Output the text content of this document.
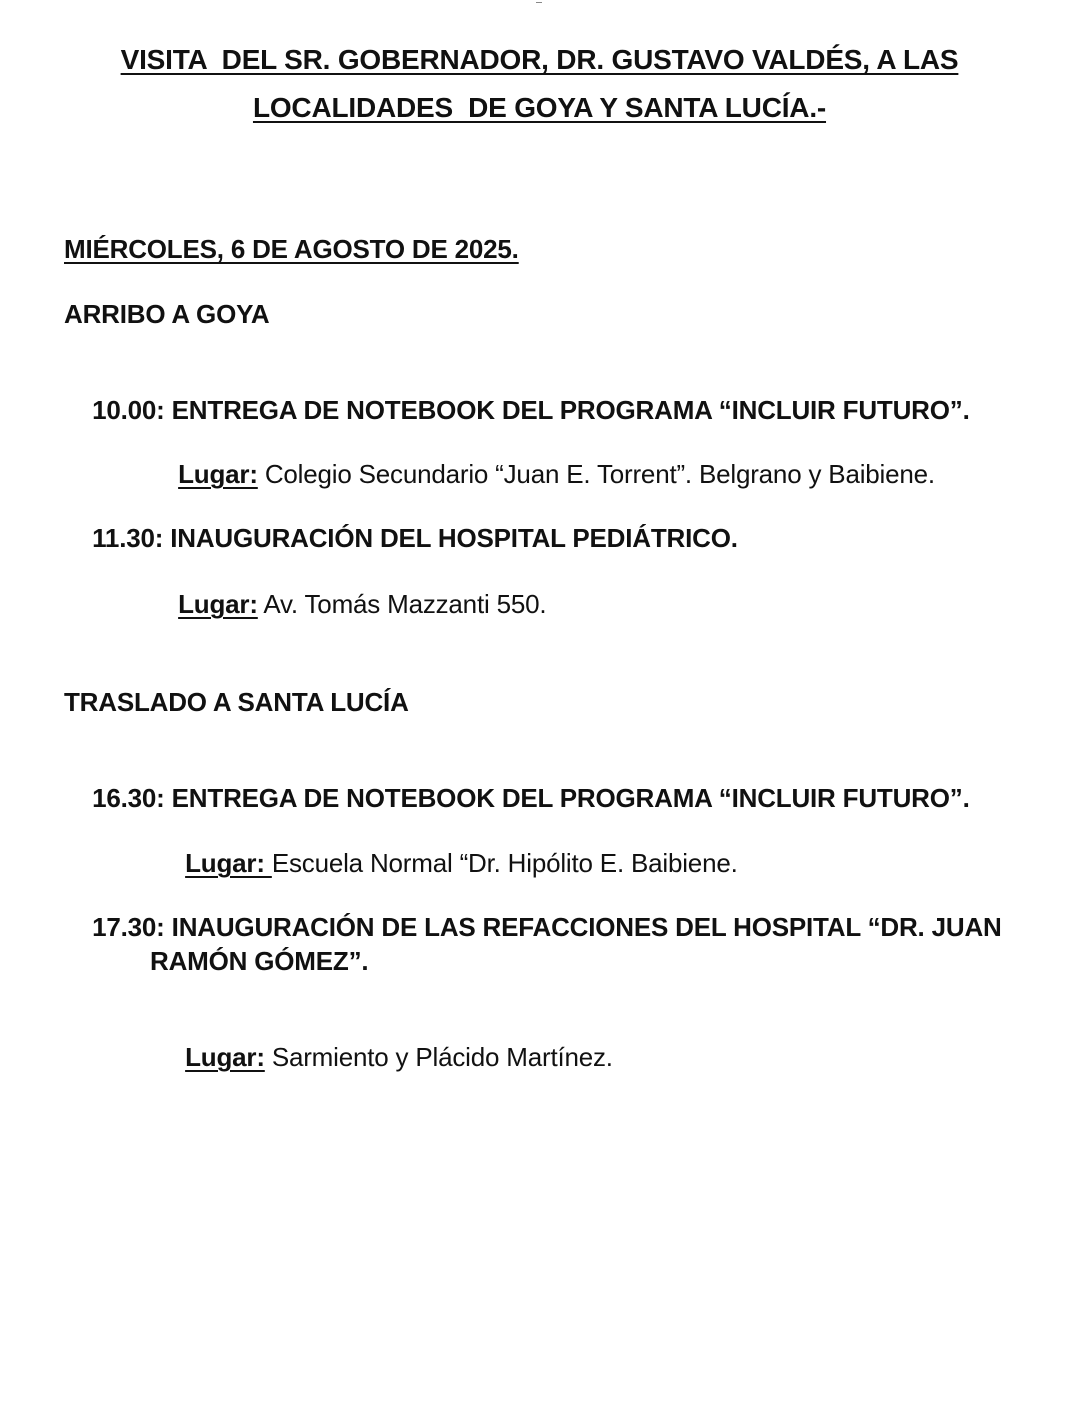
VISITA  DEL SR. GOBERNADOR, DR. GUSTAVO VALDÉS, A LAS
LOCALIDADES  DE GOYA Y SANTA LUCÍA.-
MIÉRCOLES, 6 DE AGOSTO DE 2025.
ARRIBO A GOYA

10.00: ENTREGA DE NOTEBOOK DEL PROGRAMA “INCLUIR FUTURO”.

Lugar: Colegio Secundario “Juan E. Torrent”. Belgrano y Baibiene.

11.30: INAUGURACIÓN DEL HOSPITAL PEDIÁTRICO.

Lugar: Av. Tomás Mazzanti 550.

TRASLADO A SANTA LUCÍA

16.30: ENTREGA DE NOTEBOOK DEL PROGRAMA “INCLUIR FUTURO”.

Lugar: Escuela Normal “Dr. Hipólito E. Baibiene.

17.30: INAUGURACIÓN DE LAS REFACCIONES DEL HOSPITAL “DR. JUAN

RAMÓN GÓMEZ”.

Lugar: Sarmiento y Plácido Martínez.
